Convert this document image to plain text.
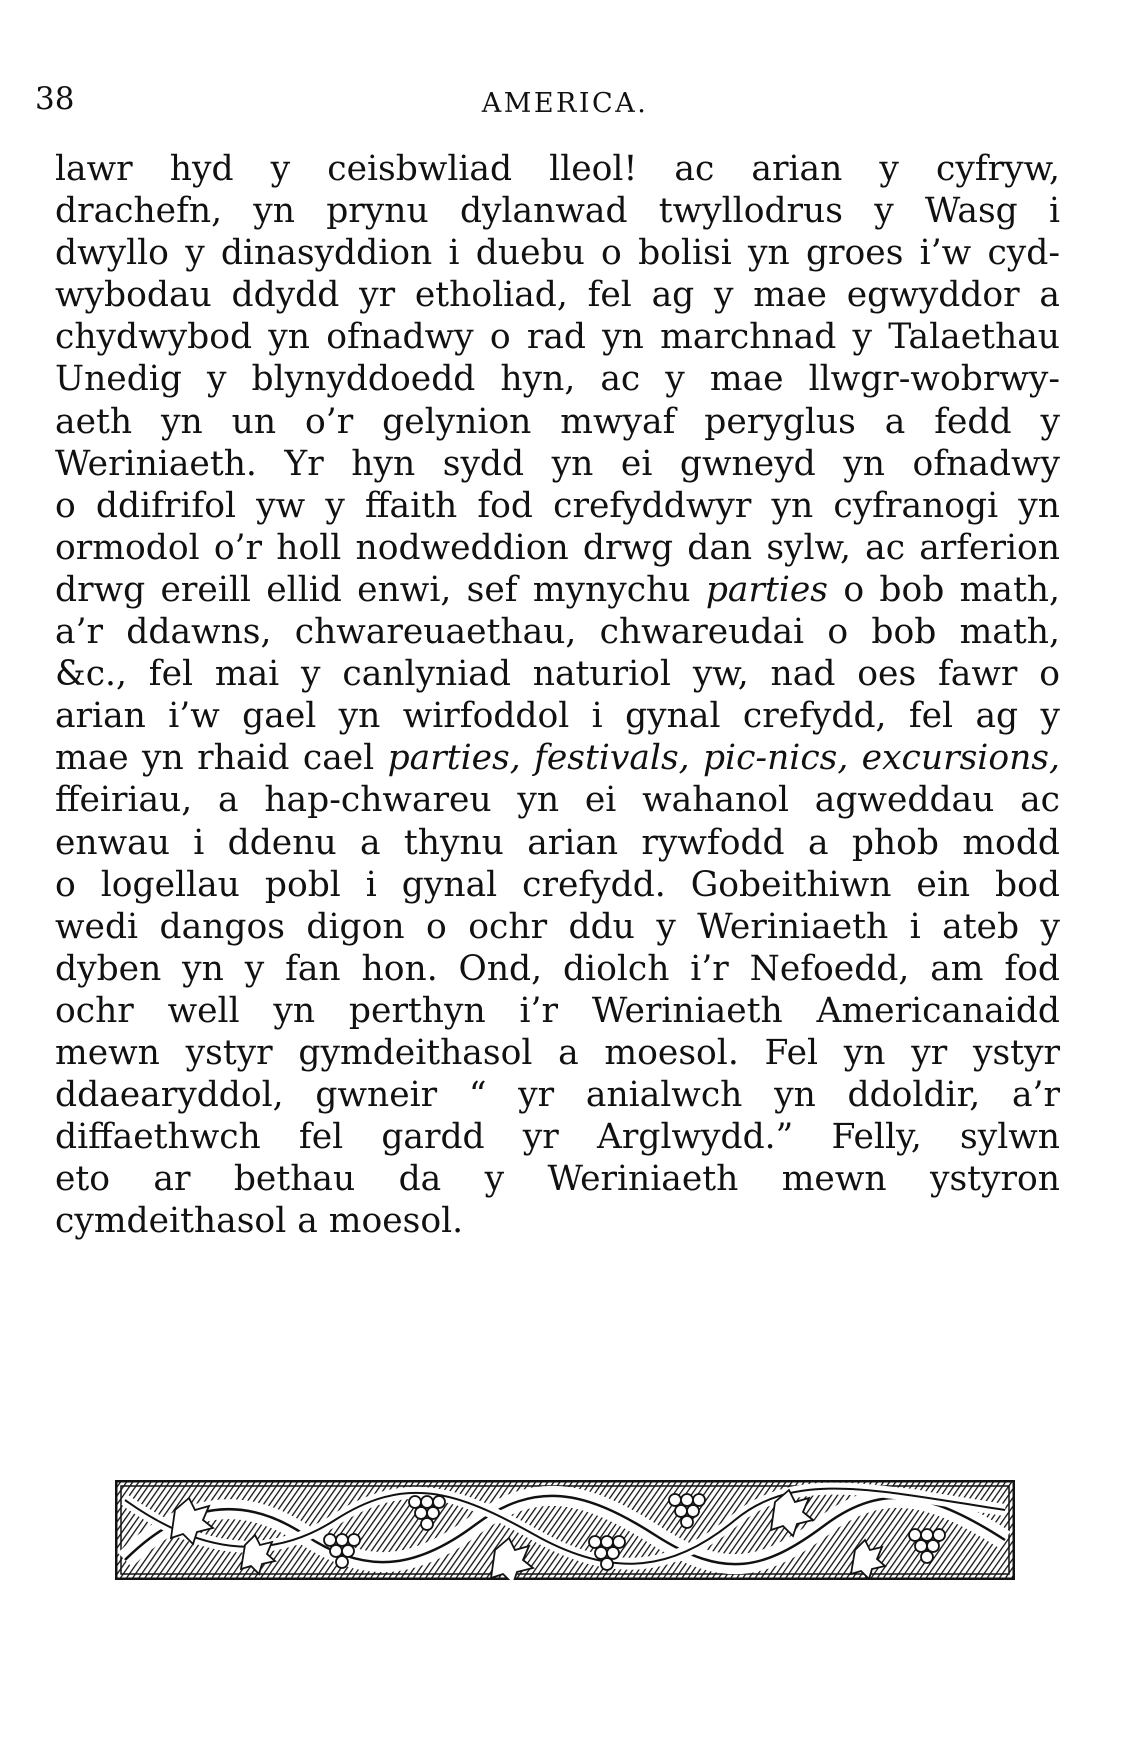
38	AMERICA.
lawr hyd y ceisbwliad lleol! ac arian y cyfryw,
drachefn, yn prynu dylanwad twyllodrus y Wasg i
dwyllo y dinasyddion i duebu o bolisi yn groes i’w cyd-
wybodau ddydd yr etholiad, fel ag y mae egwyddor a
chydwybod yn ofnadwy o rad yn marchnad y Talaethau
Unedig y blynyddoedd hyn, ac y mae llwgr-wobrwy-
aeth yn un o’r gelynion mwyaf peryglus a fedd y
Weriniaeth. Yr hyn sydd yn ei gwneyd yn ofnadwy
o ddifrifol yw y ffaith fod crefyddwyr yn cyfranogi yn
ormodol o’r holl nodweddion drwg dan sylw, ac arferion
drwg ereill ellid enwi, sef mynychu parties o bob math,
a’r ddawns, chwareuaethau, chwareudai o bob math,
&c., fel mai y canlyniad naturiol yw, nad oes fawr o
arian i’w gael yn wirfoddol i gynal crefydd, fel ag y
mae yn rhaid cael parties, festivals, pic-nics, excursions,
ffeiriau, a hap-chwareu yn ei wahanol agweddau ac
enwau i ddenu a thynu arian rywfodd a phob modd
o logellau pobl i gynal crefydd. Gobeithiwn ein bod
wedi dangos digon o ochr ddu y Weriniaeth i ateb y
dyben yn y fan hon. Ond, diolch i’r Nefoedd, am fod
ochr well yn perthyn i’r Weriniaeth Americanaidd
mewn ystyr gymdeithasol a moesol. Fel yn yr ystyr
ddaearyddol, gwneir “ yr anialwch yn ddoldir, a’r
diffaethwch fel gardd yr Arglwydd.” Felly, sylwn
eto ar bethau da y Weriniaeth mewn ystyron
cymdeithasol a moesol.
